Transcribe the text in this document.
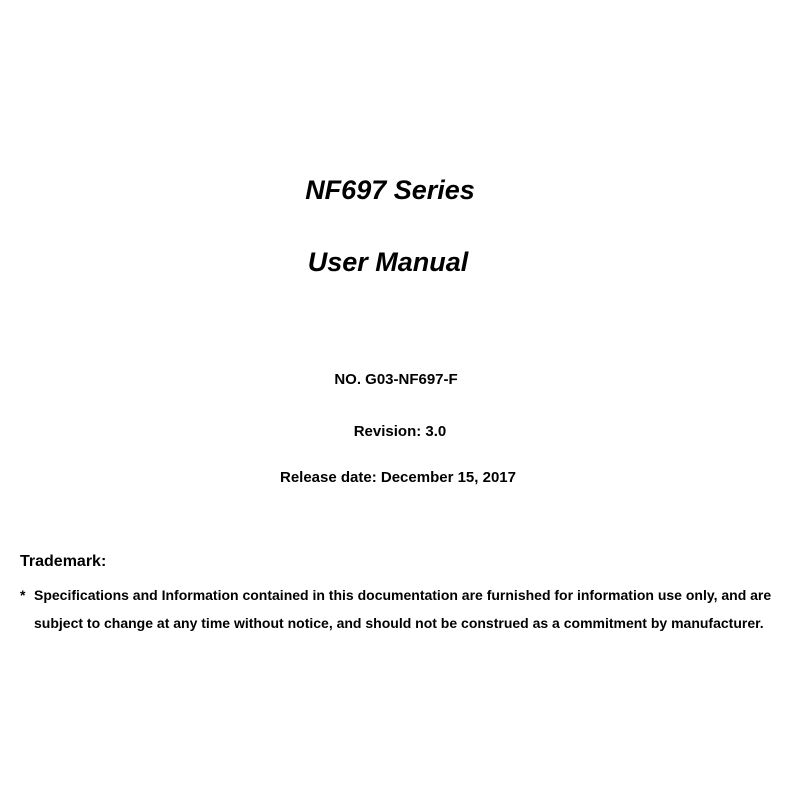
NF697 Series
User Manual

NO. G03-NF697-F

Revision: 3.0

Release date: December 15, 2017

Trademark:
* Specifications and Information contained in this documentation are furnished for information use only, and are
subject to change at any time without notice, and should not be construed as a commitment by manufacturer.
